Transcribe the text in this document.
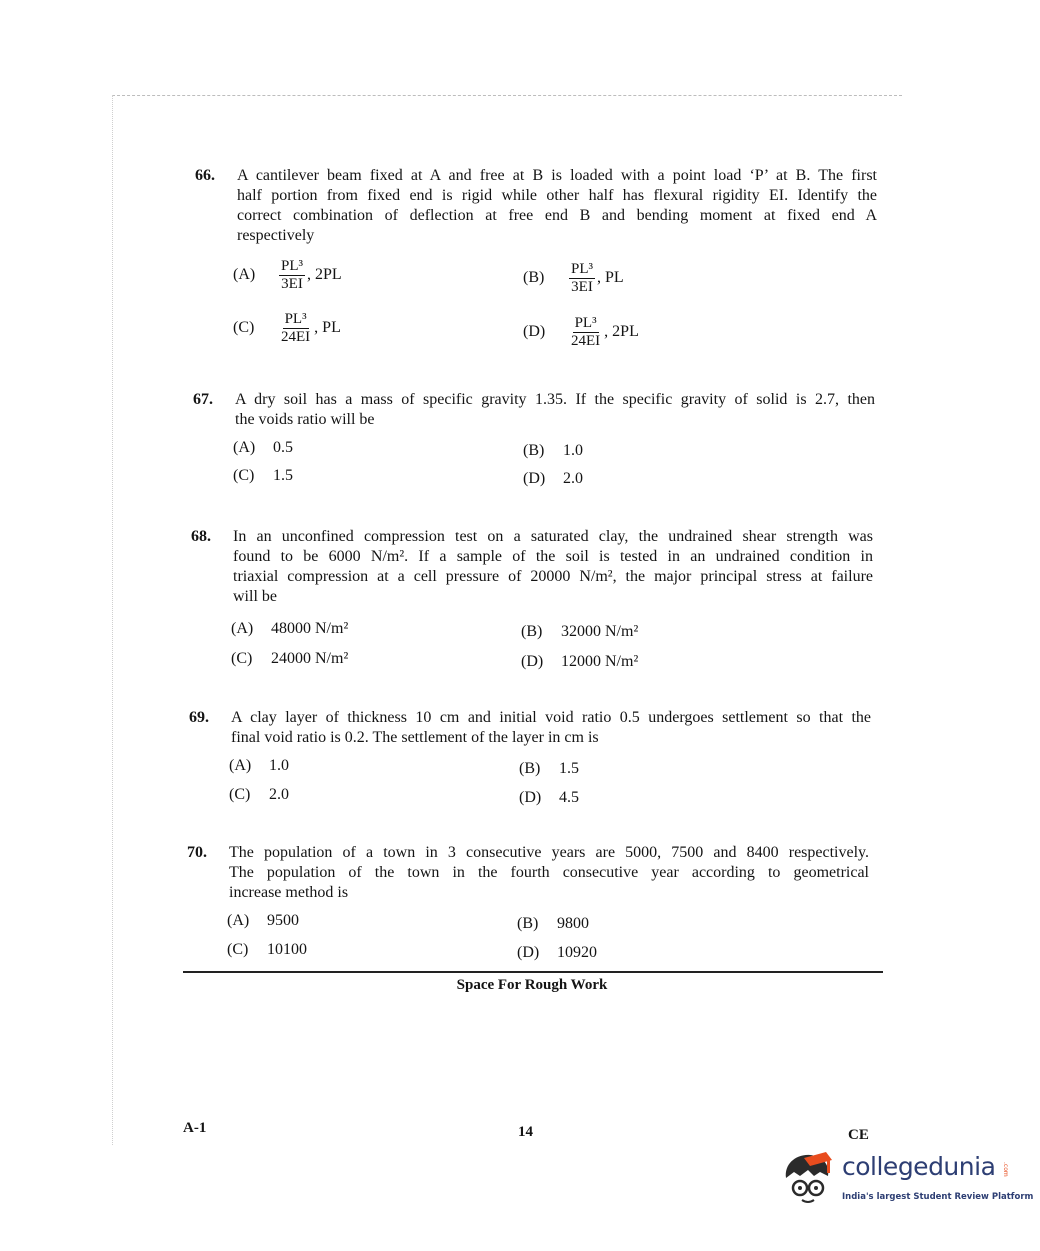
66. A cantilever beam fixed at A and free at B is loaded with a point load ‘P’ at B. The first
half portion from fixed end is rigid while other half has flexural rigidity EI. Identify the
correct combination of deflection at free end B and bending moment at fixed end A
respectively
$(A) \frac{\text{PL³}}{3EI}$ , 2PL	$(B) \frac{\text{PL³}}{3EI}$ , PL
$(C) \frac{\text{PL³}}{24EI}$ , PL	$(D) \frac{\text{PL³}}{24EI}$ , 2PL
67. A dry soil has a mass of specific gravity 1.35. If the specific gravity of solid is 2.7, then
the voids ratio will be
(A) 0.5	(B) 1.0
(C) 1.5	(D) 2.0
68. In an unconfined compression test on a saturated clay, the undrained shear strength was
found to be 6000 N/m². If a sample of the soil is tested in an undrained condition in
triaxial compression at a cell pressure of 20000 N/m², the major principal stress at failure
will be
(A) 48000 N/m²	(B) 32000 N/m²
(C) 24000 N/m²	(D) 12000 N/m²
69. A clay layer of thickness 10 cm and initial void ratio 0.5 undergoes settlement so that the
final void ratio is 0.2. The settlement of the layer in cm is
(A) 1.0	(B) 1.5
(C) 2.0	(D) 4.5
70. The population of a town in 3 consecutive years are 5000, 7500 and 8400 respectively.
The population of the town in the fourth consecutive year according to geometrical
increase method is
(A) 9500	(B) 9800
(C) 10100	(D) 10920
Space For Rough Work
A-1	14	CE
collegedunia .com
India's largest Student Review Platform
